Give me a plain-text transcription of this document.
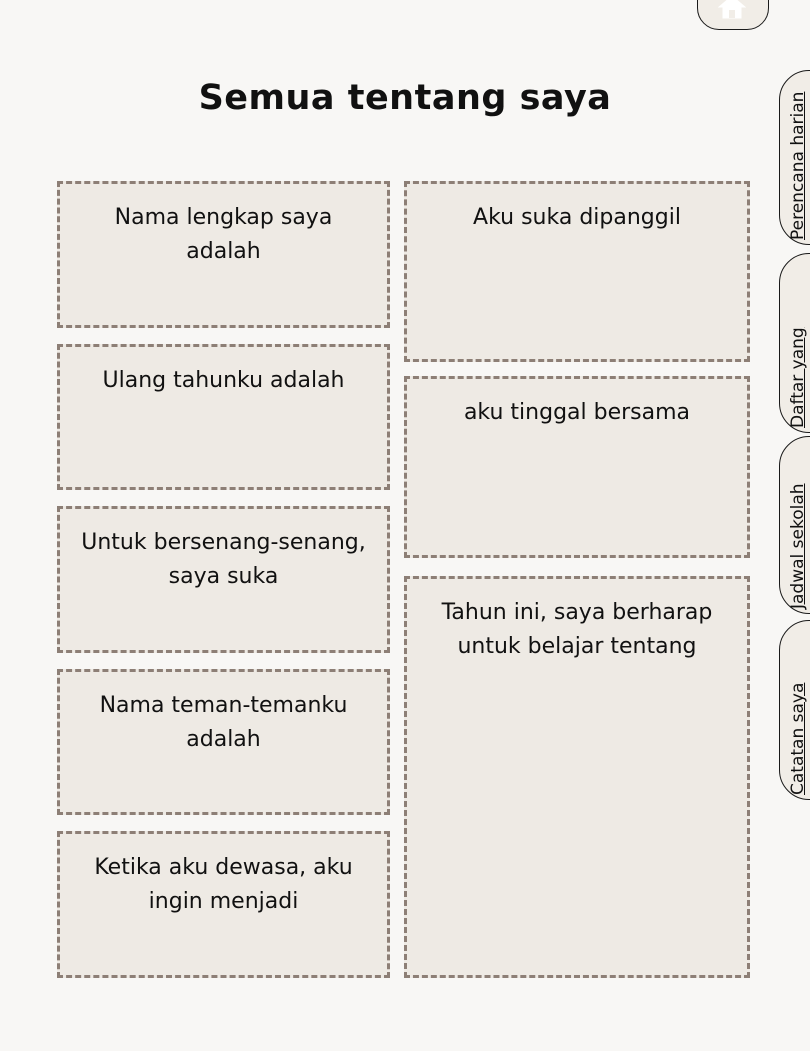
Semua tentang saya
Nama lengkap saya adalah
Ulang tahunku adalah
Untuk bersenang-senang, saya suka
Nama teman-temanku adalah
Ketika aku dewasa, aku ingin menjadi
Aku suka dipanggil
aku tinggal bersama
Tahun ini, saya berharap untuk belajar tentang
Perencana harian
Daftar yang
Jadwal sekolah
Catatan saya
